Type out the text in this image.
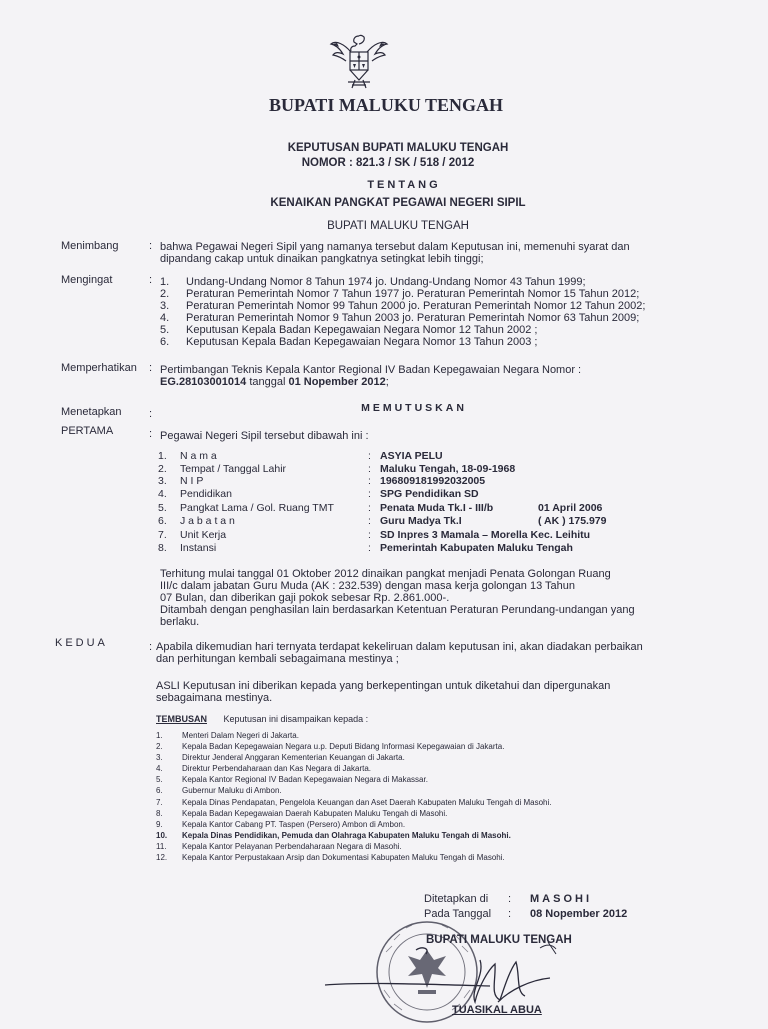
BUPATI MALUKU TENGAH
KEPUTUSAN BUPATI MALUKU TENGAH
NOMOR : 821.3 / SK / 518 / 2012
TENTANG
KENAIKAN PANGKAT PEGAWAI NEGERI SIPIL
BUPATI MALUKU TENGAH
Menimbang	: bahwa Pegawai Negeri Sipil yang namanya tersebut dalam Keputusan ini, memenuhi syarat dan
dipandang cakap untuk dinaikan pangkatnya setingkat lebih tinggi;
Mengingat	: 1. Undang-Undang Nomor 8 Tahun 1974 jo. Undang-Undang Nomor 43 Tahun 1999;
2. Peraturan Pemerintah Nomor 7 Tahun 1977 jo. Peraturan Pemerintah Nomor 15 Tahun 2012;
3. Peraturan Pemerintah Nomor 99 Tahun 2000 jo. Peraturan Pemerintah Nomor 12 Tahun 2002;
4. Peraturan Pemerintah Nomor 9 Tahun 2003 jo. Peraturan Pemerintah Nomor 63 Tahun 2009;
5. Keputusan Kepala Badan Kepegawaian Negara Nomor 12 Tahun 2002 ;
6. Keputusan Kepala Badan Kepegawaian Negara Nomor 13 Tahun 2003 ;
Memperhatikan : Pertimbangan Teknis Kepala Kantor Regional IV Badan Kepegawaian Negara Nomor :
EG.28103001014 tanggal 01 Nopember 2012;
MEMUTUSKAN
Menetapkan :
PERTAMA	: Pegawai Negeri Sipil tersebut dibawah ini :
1. N a m a	: ASYIA PELU
2. Tempat / Tanggal Lahir	: Maluku Tengah, 18-09-1968
3. N I P	: 196809181992032005
4. Pendidikan	: SPG Pendidikan SD
5. Pangkat Lama / Gol. Ruang TMT	: Penata Muda Tk.I - III/b	01 April 2006
6. J a b a t a n	: Guru Madya Tk.I	( AK ) 175.979
7. Unit Kerja	: SD Inpres 3 Mamala – Morella Kec. Leihitu
8. Instansi	: Pemerintah Kabupaten Maluku Tengah
Terhitung mulai tanggal 01 Oktober 2012 dinaikan pangkat menjadi Penata Golongan Ruang
III/c dalam jabatan Guru Muda (AK : 232.539) dengan masa kerja golongan 13 Tahun
07 Bulan, dan diberikan gaji pokok sebesar Rp. 2.861.000-.
Ditambah dengan penghasilan lain berdasarkan Ketentuan Peraturan Perundang-undangan yang
berlaku.
KEDUA	: Apabila dikemudian hari ternyata terdapat kekeliruan dalam keputusan ini, akan diadakan perbaikan
dan perhitungan kembali sebagaimana mestinya ;
ASLI Keputusan ini diberikan kepada yang berkepentingan untuk diketahui dan dipergunakan
sebagaimana mestinya.
TEMBUSAN Keputusan ini disampaikan kepada :
1. Menteri Dalam Negeri di Jakarta.
2. Kepala Badan Kepegawaian Negara u.p. Deputi Bidang Informasi Kepegawaian di Jakarta.
3. Direktur Jenderal Anggaran Kementerian Keuangan di Jakarta.
4. Direktur Perbendaharaan dan Kas Negara di Jakarta.
5. Kepala Kantor Regional IV Badan Kepegawaian Negara di Makassar.
6. Gubernur Maluku di Ambon.
7. Kepala Dinas Pendapatan, Pengelola Keuangan dan Aset Daerah Kabupaten Maluku Tengah di Masohi.
8. Kepala Badan Kepegawaian Daerah Kabupaten Maluku Tengah di Masohi.
9. Kepala Kantor Cabang PT. Taspen (Persero) Ambon di Ambon.
10. Kepala Dinas Pendidikan, Pemuda dan Olahraga Kabupaten Maluku Tengah di Masohi.
11. Kepala Kantor Pelayanan Perbendaharaan Negara di Masohi.
12. Kepala Kantor Perpustakaan Arsip dan Dokumentasi Kabupaten Maluku Tengah di Masohi.
Ditetapkan di : MASOHI
Pada Tanggal : 08 Nopember 2012
BUPATI MALUKU TENGAH
TUASIKAL ABUA
